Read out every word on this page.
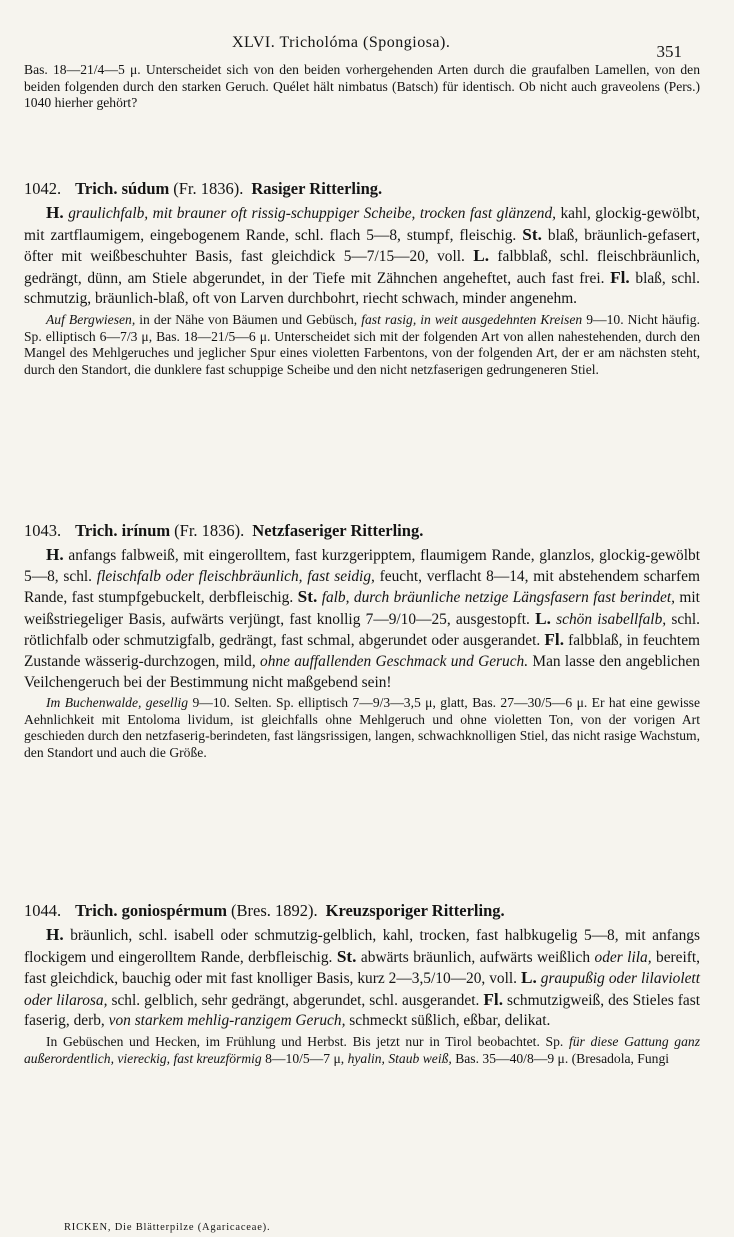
XLVI. Tricholóma (Spongiosa).	351

Bas. 18—21/4—5 μ. Unterscheidet sich von den beiden vorhergehenden Arten durch die graufalben Lamellen, von den beiden folgenden durch den starken Geruch. Quélet hält nimbatus (Batsch) für identisch. Ob nicht auch graveolens (Pers.) 1040 hierher gehört?

1042. Trich. súdum (Fr. 1836). Rasiger Ritterling.

H. graulichfalb, mit brauner oft rissig-schuppiger Scheibe, trocken fast glänzend, kahl, glockig-gewölbt, mit zartflaumigem, eingebogenem Rande, schl. flach 5—8, stumpf, fleischig. St. blaß, bräunlich-gefasert, öfter mit weißbeschuhter Basis, fast gleichdick 5—7/15—20, voll. L. falbblaß, schl. fleischbräunlich, gedrängt, dünn, am Stiele abgerundet, in der Tiefe mit Zähnchen angeheftet, auch fast frei. Fl. blaß, schl. schmutzig, bräunlich-blaß, oft von Larven durchbohrt, riecht schwach, minder angenehm.

Auf Bergwiesen, in der Nähe von Bäumen und Gebüsch, fast rasig, in weit ausgedehnten Kreisen 9—10. Nicht häufig. Sp. elliptisch 6—7/3 μ, Bas. 18—21/5—6 μ. Unterscheidet sich mit der folgenden Art von allen nahestehenden, durch den Mangel des Mehlgeruches und jeglicher Spur eines violetten Farbentons, von der folgenden Art, der er am nächsten steht, durch den Standort, die dunklere fast schuppige Scheibe und den nicht netzfaserigen gedrungeneren Stiel.

1043. Trich. irínum (Fr. 1836). Netzfaseriger Ritterling.

H. anfangs falbweiß, mit eingerolltem, fast kurzgeripptem, flaumigem Rande, glanzlos, glockig-gewölbt 5—8, schl. fleischfalb oder fleischbräunlich, fast seidig, feucht, verflacht 8—14, mit abstehendem scharfem Rande, fast stumpfgebuckelt, derbfleischig. St. falb, durch bräunliche netzige Längsfasern fast berindet, mit weißstriegeliger Basis, aufwärts verjüngt, fast knollig 7—9/10—25, ausgestopft. L. schön isabellfalb, schl. rötlichfalb oder schmutzigfalb, gedrängt, fast schmal, abgerundet oder ausgerandet. Fl. falbblaß, in feuchtem Zustande wässerig-durchzogen, mild, ohne auffallenden Geschmack und Geruch. Man lasse den angeblichen Veilchengeruch bei der Bestimmung nicht maßgebend sein!

Im Buchenwalde, gesellig 9—10. Selten. Sp. elliptisch 7—9/3—3,5 μ, glatt, Bas. 27—30/5—6 μ. Er hat eine gewisse Aehnlichkeit mit Entoloma lividum, ist gleichfalls ohne Mehlgeruch und ohne violetten Ton, von der vorigen Art geschieden durch den netzfaserig-berindeten, fast längsrissigen, langen, schwachknolligen Stiel, das nicht rasige Wachstum, den Standort und auch die Größe.

1044. Trich. goniospérmum (Bres. 1892). Kreuzsporiger Ritterling.

H. bräunlich, schl. isabell oder schmutzig-gelblich, kahl, trocken, fast halbkugelig 5—8, mit anfangs flockigem und eingerolltem Rande, derbfleischig. St. abwärts bräunlich, aufwärts weißlich oder lila, bereift, fast gleichdick, bauchig oder mit fast knolliger Basis, kurz 2—3,5/10—20, voll. L. grauрußig oder lilaviolett oder lilarosa, schl. gelblich, sehr gedrängt, abgerundet, schl. ausgerandet. Fl. schmutzigweiß, des Stieles fast faserig, derb, von starkem mehlig-ranzigem Geruch, schmeckt süßlich, eßbar, delikat.

In Gebüschen und Hecken, im Frühlung und Herbst. Bis jetzt nur in Tirol beobachtet. Sp. für diese Gattung ganz außerordentlich, viereckig, fast kreuzförmig 8—10/5—7 μ, hyalin, Staub weiß, Bas. 35—40/8—9 μ. (Bresadola, Fungi

RICKEN, Die Blätterpilze (Agaricaceae).
